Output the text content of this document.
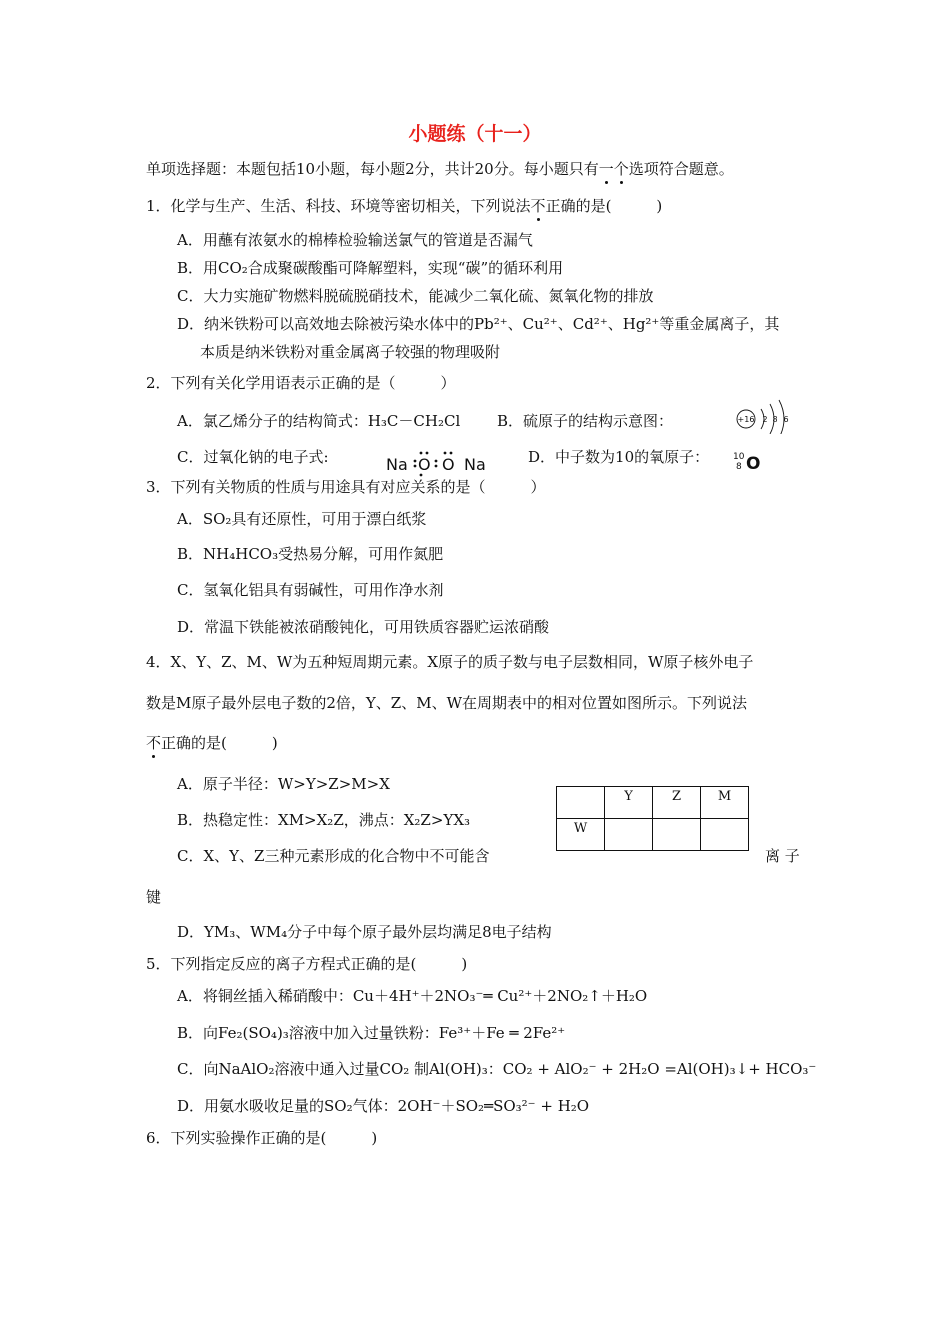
小题练（十一）
单项选择题：本题包括10小题，每小题2分，共计20分。每小题只有一个选项符合题意。
1．化学与生产、生活、科技、环境等密切相关，下列说法不正确的是(　　　)
A．用蘸有浓氨水的棉棒检验输送氯气的管道是否漏气
B．用CO₂合成聚碳酸酯可降解塑料，实现“碳”的循环利用
C．大力实施矿物燃料脱硫脱硝技术，能减少二氧化硫、氮氧化物的排放
D．纳米铁粉可以高效地去除被污染水体中的Pb²⁺、Cu²⁺、Cd²⁺、Hg²⁺等重金属离子，其
本质是纳米铁粉对重金属离子较强的物理吸附
2．下列有关化学用语表示正确的是（　　　）
A．氯乙烯分子的结构简式：H₃C－CH₂Cl B．硫原子的结构示意图：	+16 2 8 6
C．过氧化钠的电子式:	Na O O Na	D．中子数为10的氧原子：	10
8 O
3．下列有关物质的性质与用途具有对应关系的是（　　　）
A．SO₂具有还原性，可用于漂白纸浆
B．NH₄HCO₃受热易分解，可用作氮肥
C．氢氧化铝具有弱碱性，可用作净水剂
D．常温下铁能被浓硝酸钝化，可用铁质容器贮运浓硝酸
4．X、Y、Z、M、W为五种短周期元素。X原子的质子数与电子层数相同，W原子核外电子
数是M原子最外层电子数的2倍，Y、Z、M、W在周期表中的相对位置如图所示。下列说法
不正确的是(　　　)
A．原子半径：W>Y>Z>M>X
B．热稳定性：XM>X₂Z，沸点：X₂Z>YX₃
C．X、Y、Z三种元素形成的化合物中不可能含	离 子
键
D．YM₃、WM₄分子中每个原子最外层均满足8电子结构
	Y	Z	M
W			
5．下列指定反应的离子方程式正确的是(　　　)
A．将铜丝插入稀硝酸中：Cu＋4H⁺＋2NO₃⁻═ Cu²⁺＋2NO₂↑＋H₂O
B．向Fe₂(SO₄)₃溶液中加入过量铁粉：Fe³⁺＋Fe ═ 2Fe²⁺
C．向NaAlO₂溶液中通入过量CO₂ 制Al(OH)₃：CO₂ + AlO₂⁻ + 2H₂O =Al(OH)₃↓+ HCO₃⁻
D．用氨水吸收足量的SO₂气体：2OH⁻＋SO₂═SO₃²⁻ + H₂O
6．下列实验操作正确的是(　　　)
